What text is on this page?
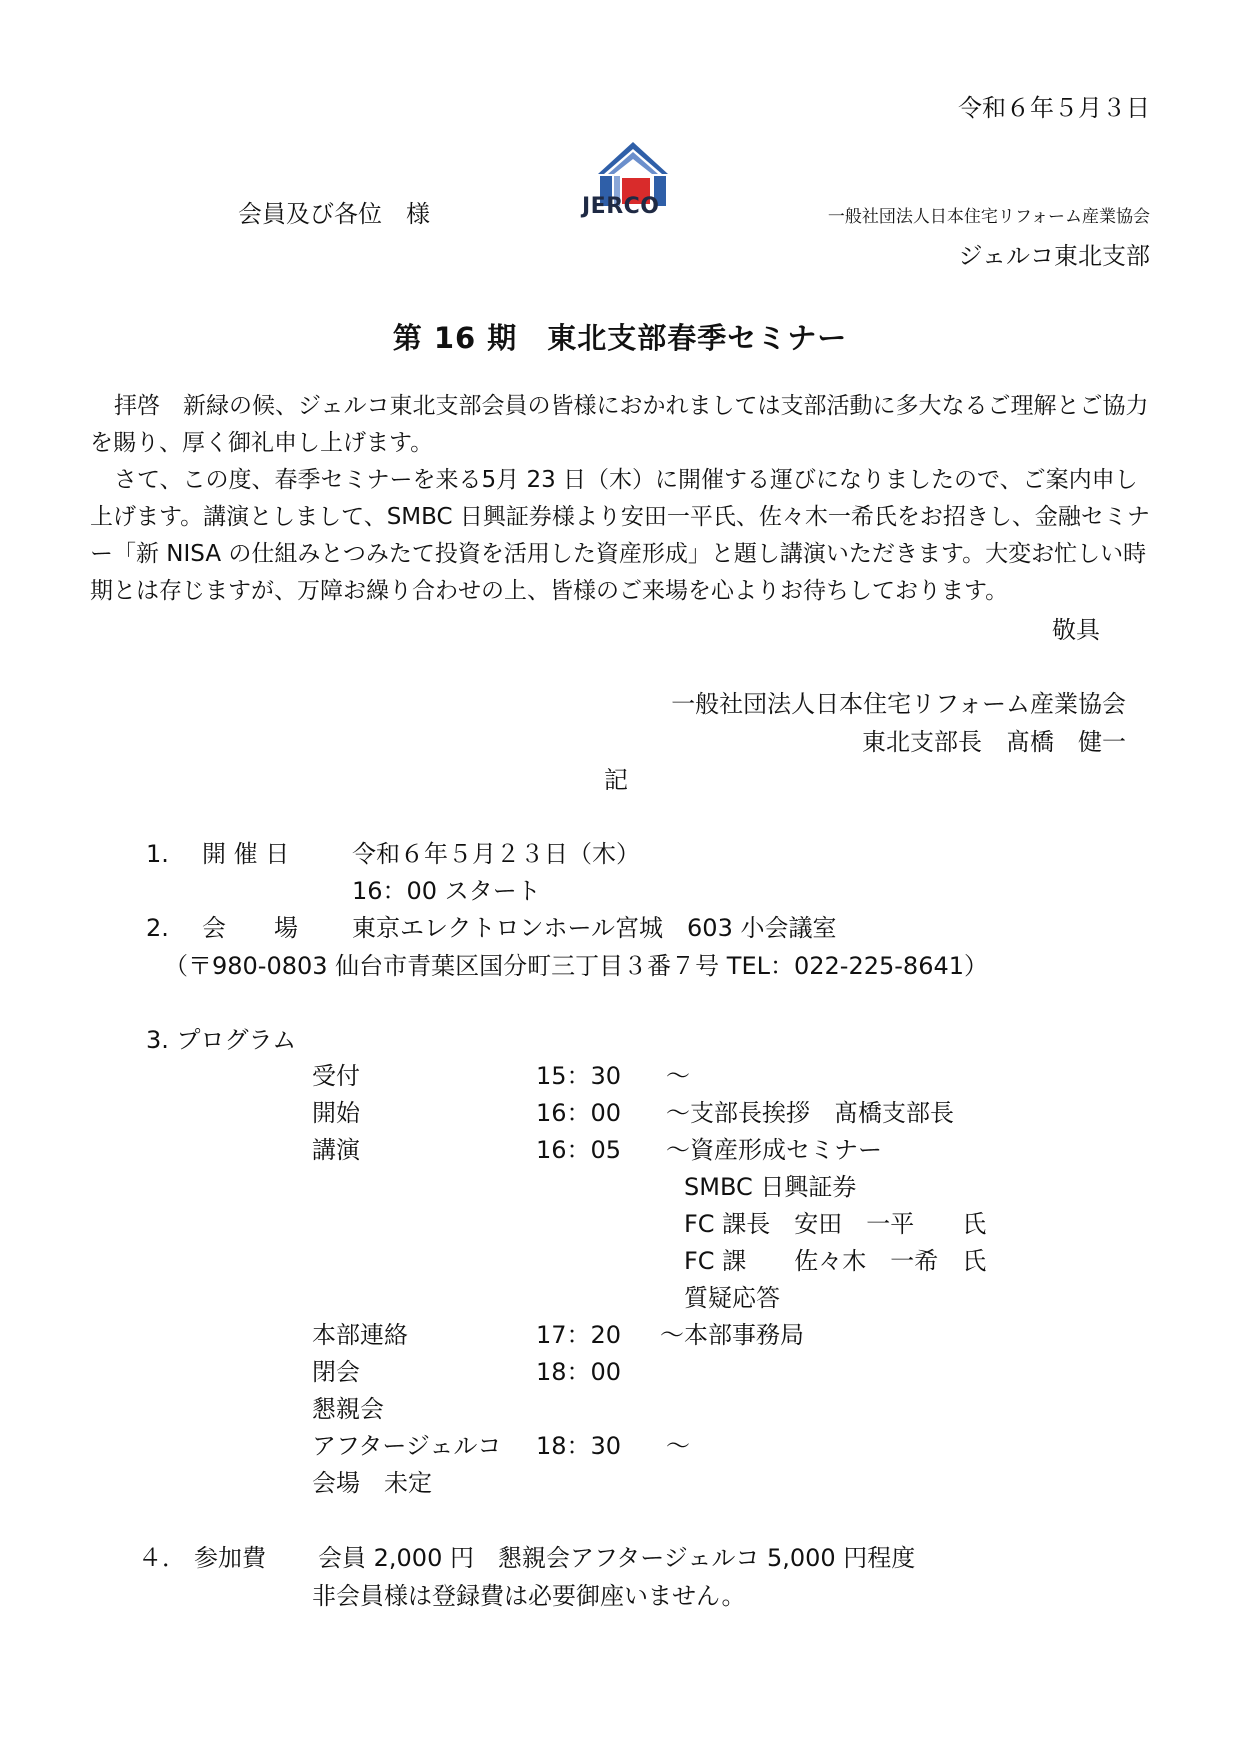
令和６年５月３日
会員及び各位　様	JERCO	一般社団法人日本住宅リフォーム産業協会
ジェルコ東北支部
第 16 期　東北支部春季セミナー
拝啓　新緑の候、ジェルコ東北支部会員の皆様におかれましては支部活動に多大なるご理解とご協力を賜り、厚く御礼申し上げます。
さて、この度、春季セミナーを来る5月 23 日（木）に開催する運びになりましたので、ご案内申し上げます。講演としまして、SMBC 日興証券様より安田一平氏、佐々木一希氏をお招きし、金融セミナー「新 NISA の仕組みとつみたて投資を活用した資産形成」と題し講演いただきます。大変お忙しい時期とは存じますが、万障お繰り合わせの上、皆様のご来場を心よりお待ちしております。
敬具
一般社団法人日本住宅リフォーム産業協会
東北支部長　髙橋　健一
記
1. 開 催 日	令和６年５月２３日（木）
16：00 スタート
2. 会　　場 東京エレクトロンホール宮城　603 小会議室
（〒980-0803 仙台市青葉区国分町三丁目３番７号 TEL：022-225-8641）
3. プログラム
受付	15：30 ～
開始	16：00 ～支部長挨拶　髙橋支部長
講演	16：05 ～資産形成セミナー
SMBC 日興証券
FC 課長　安田　一平　　氏
FC 課　　佐々木　一希　氏
質疑応答
本部連絡	17：20 ～本部事務局
閉会	18：00
懇親会
アフタージェルコ 18：30 ～
会場　未定
４． 参加費 会員 2,000 円　懇親会アフタージェルコ 5,000 円程度
非会員様は登録費は必要御座いません。
